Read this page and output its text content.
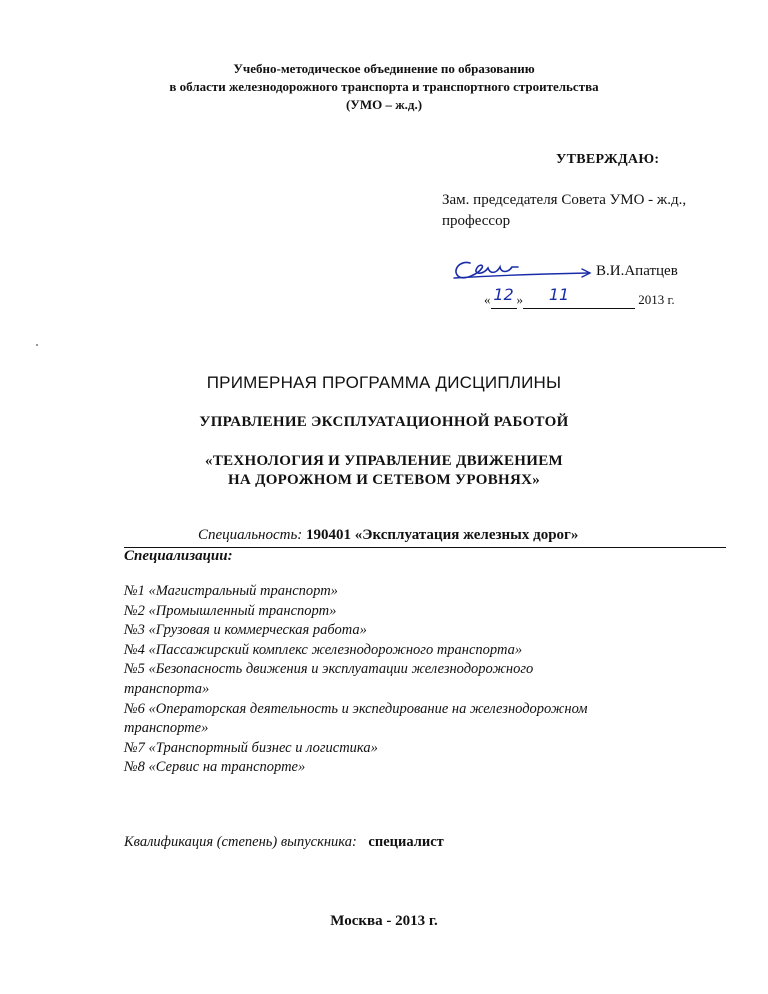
Учебно-методическое объединение по образованию
в области железнодорожного транспорта и транспортного строительства
(УМО – ж.д.)
УТВЕРЖДАЮ:
Зам. председателя Совета УМО - ж.д.,
профессор
В.И.Апатцев
« 12 »	11	2013 г.
ПРИМЕРНАЯ ПРОГРАММА ДИСЦИПЛИНЫ
УПРАВЛЕНИЕ ЭКСПЛУАТАЦИОННОЙ РАБОТОЙ
«ТЕХНОЛОГИЯ И УПРАВЛЕНИЕ ДВИЖЕНИЕМ
НА ДОРОЖНОМ И СЕТЕВОМ УРОВНЯХ»
Специальность: 190401 «Эксплуатация железных дорог»
Специализации:
№1 «Магистральный транспорт»
№2 «Промышленный транспорт»
№3 «Грузовая и коммерческая работа»
№4 «Пассажирский комплекс железнодорожного транспорта»
№5 «Безопасность движения и эксплуатации железнодорожного
транспорта»
№6 «Операторская деятельность и экспедирование на железнодорожном
транспорте»
№7 «Транспортный бизнес и логистика»
№8 «Сервис на транспорте»
Квалификация (степень) выпускника: специалист
Москва - 2013 г.
